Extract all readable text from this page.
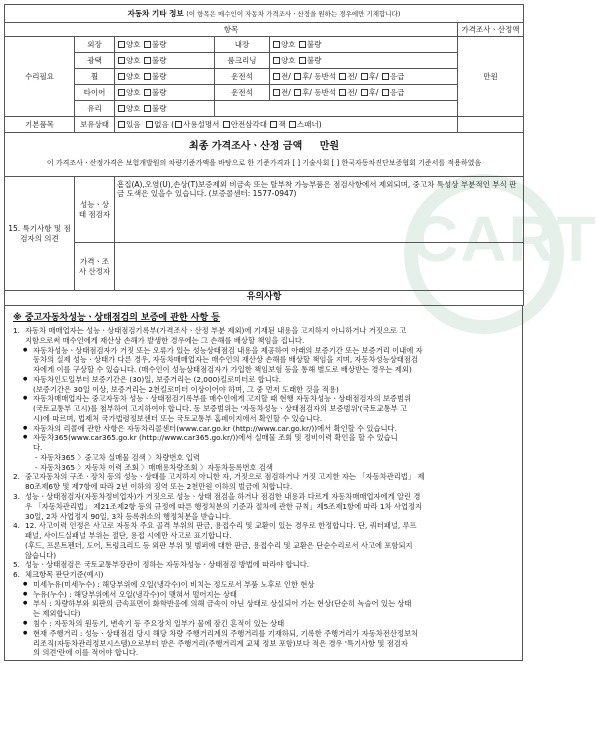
CART
자동차 기타 정보 (이 항목은 매수인이 자동차 가격조사ㆍ산정을 원하는 경우에만 기재합니다)					
항목					가격조사ㆍ산정액
수리필요	외장	양호 불량	내장	양호 불량	만원
	광택	양호 불량	룸크리닝	양호 불량	
	휠	양호 불량	운전석	전/ 후/ 동반석 전/ 후/ 응급	
	타이어	양호 불량	운전석	전/ 후/ 동반석 전/ 후/ 응급	
	유리	양호 불량			
기본품목	보유상태	있음 없음 ( 사용설명서 안전삼각대 잭 스패너)			

최종 가격조사ㆍ산정 금액 만원
이 가격조사ㆍ산정가격은 보험개발원의 차량기준가액을 바탕으로 한 기준가격과 [ ] 기술사회 [ ] 한국자동차진단보증협회 기준서를 적용하였음					

15. 특기사항 및 점검자의 의견	성능ㆍ상태 점검자	흠집(A),오염(U),손상(T)보증제외 비금속 또는 탈부착 가능부품은 점검사항에서 제외되며, 중고차 특성상 부분적인 부식 판금 도색은 있을수 있습니다. (보증콜센터: 1577-0947)			
	가격ㆍ조사 산정자				
유의사항					
※ 중고자동차성능ㆍ상태점검의 보증에 관한 사항 등
1. 자동차 매매업자는 성능ㆍ상태점검기록부(가격조사ㆍ산정 부분 제외)에 기재된 내용을 고지하지 아니하거나 거짓으로 고
지함으로써 매수인에게 재산상 손해가 발생한 경우에는 그 손해를 배상할 책임을 집니다.
● 자동차성능ㆍ상태점검자가 거짓 또는 오류가 있는 성능상태점검 내용을 제공하여 아래의 보증기간 또는 보증거리 이내에 자
동차의 실제 성능ㆍ상태가 다른 경우, 자동차매매업자는 매수인의 재산상 손해를 배상할 책임을 지며, 자동차성능상태점검
자에게 이를 구상할 수 있습니다. (매수인이 성능상태점검자가 가입한 책임보험 등을 통해 별도로 배상받는 경우는 제외)
● 자동차인도일부터 보증기간은 (30)일, 보증거리는 (2,000)킬로미터로 합니다.
(보증기간은 30일 이상, 보증거리는 2천킬로미터 이상이어야 하며, 그 중 먼저 도래한 것을 적용)
● 자동차매매업자는 중고자동차 성능ㆍ상태점검기록부를 매수인에게 고지할 때 현행 자동차성능ㆍ상태점검자의 보증범위
(국토교통부 고시)를 첨부하여 고지하여야 합니다. 동 보증범위는 '자동차성능ㆍ상태점검자의 보증범위'(국토교통부 고
시)에 따르며, 법제처 국가법령정보센터 또는 국토교통부 홈페이지에서 확인할 수 있습니다.
● 자동차의 리콜에 관한 사항은 자동차리콜센터(www.car.go.kr (http://www.car.go.kr/))에서 확인할 수 있습니다.
● 자동차365(www.car365.go.kr (http://www.car365.go.kr/))에서 실매물 조회 및 정비이력 확인을 할 수 있습니
다.
- 자동차365 〉중고차 실매물 검색 〉차량번호 입력
- 자동차365 〉자동차 이력 조회 〉매매용차량조회 〉자동차등록번호 검색
2. 중고자동차의 구조ㆍ장치 등의 성능ㆍ상태를 고지하지 아니한 자, 거짓으로 점검하거나 거짓 고지한 자는 「자동차관리법」 제
80조제6항 및 제7항에 따라 2년 이하의 징역 또는 2천만원 이하의 벌금에 처합니다.
3. 성능ㆍ상태점검자(자동차정비업자)가 거짓으로 성능ㆍ상태 점검을 하거나 점검한 내용과 다르게 자동차매매업자에게 알린 경
우 「자동차관리법」 제21조제2항 등의 규정에 따른 행정처분의 기준과 절차에 관한 규칙」제5조제1항에 따라 1차 사업정지
30일, 2차 사업정지 90일, 3차 등록취소의 행정처분을 받습니다.
4. 12. 사고이력 인정은 사고로 자동차 주요 골격 부위의 판금, 용접수리 및 교환이 있는 경우로 한정합니다. 단, 쿼터패널, 루프
패널, 사이드실패널 부위는 절단, 용접 시에만 사고로 표기합니다.
(후드, 프론트펜더, 도어, 트렁크리드 등 외판 부위 및 범퍼에 대한 판금, 용접수리 및 교환은 단순수리로서 사고에 포함되지
않습니다)
5. 성능ㆍ상태점검은 국토교통부장관이 정하는 자동차성능ㆍ상태점검 방법에 따라야 합니다.
6. 체크항목 판단기준(예시)
● 미세누유(미세누수) : 해당부위에 오일(냉각수)이 비치는 정도로서 부품 노후로 인한 현상
● 누유(누수) : 해당부위에서 오일(냉각수)이 맺혀서 떨어지는 상태
● 부식 : 차량하부와 외판의 금속표면이 화학반응에 의해 금속이 아닌 상태로 상실되어 가는 현상(단순히 녹슬어 있는 상태
는 제외합니다)
● 침수 : 자동차의 원동기, 변속기 등 주요장치 일부가 물에 잠긴 흔적이 있는 상태
● 현재 주행거리 : 성능ㆍ상태점검 당시 해당 차량 주행거리계의 주행거리를 기재하되, 기록한 주행거리가 자동차전산정보처
리조직(자동차관리정보시스템)으로부터 받은 주행거리(주행거리계 교체 정보 포함)보다 적은 경우 '특기사항 및 점검자
의 의견'란에 이를 적어야 합니다.
